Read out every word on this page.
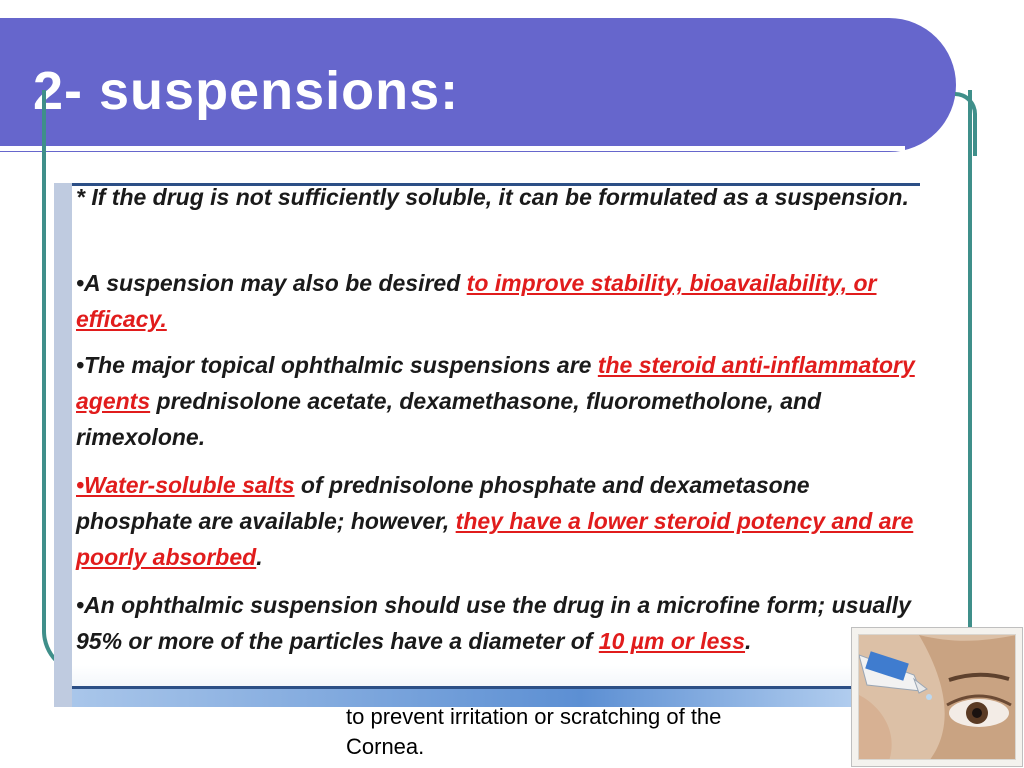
2- suspensions:

* If the drug is not sufficiently soluble, it can be formulated as a suspension.

•A suspension may also be desired to improve stability, bioavailability, or efficacy.

•The major topical ophthalmic suspensions are the steroid anti-inflammatory agents prednisolone acetate, dexamethasone, fluorometholone, and rimexolone.

•Water-soluble salts of prednisolone phosphate and dexametasone phosphate are available; however, they have a lower steroid potency and are poorly absorbed.

•An ophthalmic suspension should use the drug in a microfine form; usually 95% or more of the particles have a diameter of 10 µm or less.

to prevent irritation or scratching of the
Cornea.
